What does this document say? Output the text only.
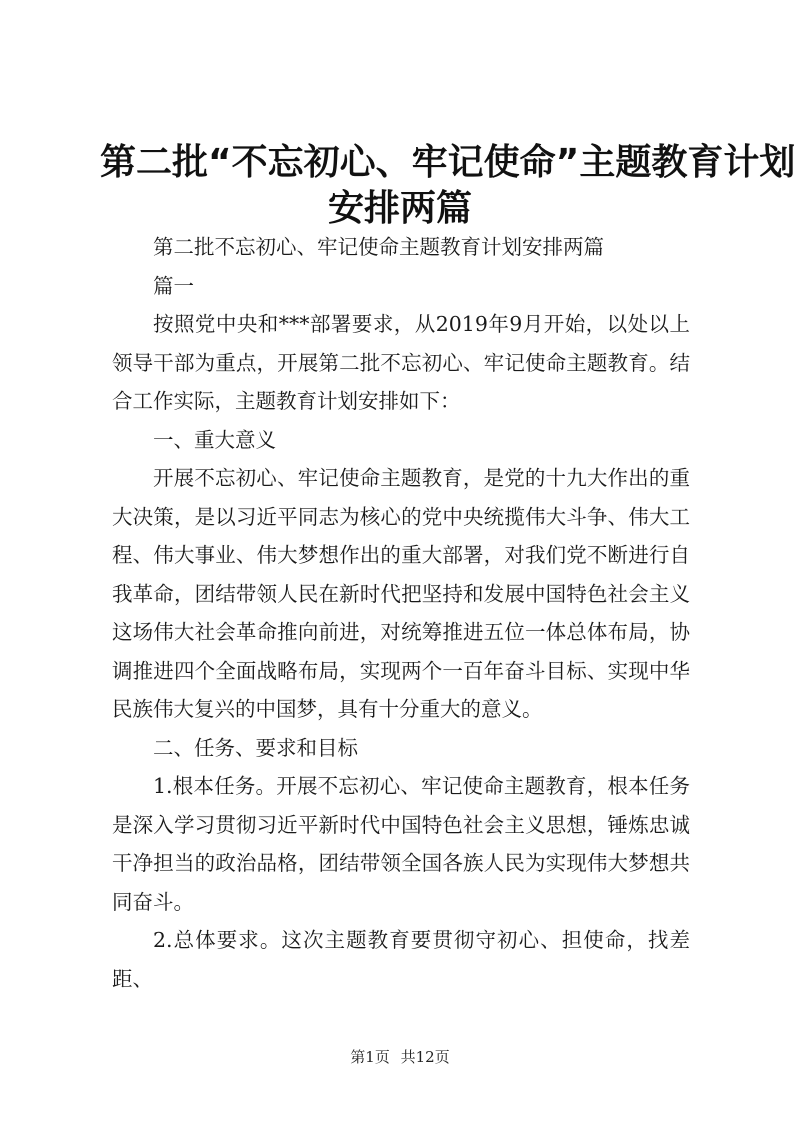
第二批“不忘初心、牢记使命”主题教育计划
安排两篇

第二批不忘初心、牢记使命主题教育计划安排两篇

篇一

按照党中央和***部署要求，从2019年9月开始，以处以上领导干部为重点，开展第二批不忘初心、牢记使命主题教育。结合工作实际，主题教育计划安排如下：

一、重大意义

开展不忘初心、牢记使命主题教育，是党的十九大作出的重大决策，是以习近平同志为核心的党中央统揽伟大斗争、伟大工程、伟大事业、伟大梦想作出的重大部署，对我们党不断进行自我革命，团结带领人民在新时代把坚持和发展中国特色社会主义这场伟大社会革命推向前进，对统筹推进五位一体总体布局，协调推进四个全面战略布局，实现两个一百年奋斗目标、实现中华民族伟大复兴的中国梦，具有十分重大的意义。

二、任务、要求和目标

1.根本任务。开展不忘初心、牢记使命主题教育，根本任务是深入学习贯彻习近平新时代中国特色社会主义思想，锤炼忠诚干净担当的政治品格，团结带领全国各族人民为实现伟大梦想共同奋斗。

2.总体要求。这次主题教育要贯彻守初心、担使命，找差距、

第1页 共12页
